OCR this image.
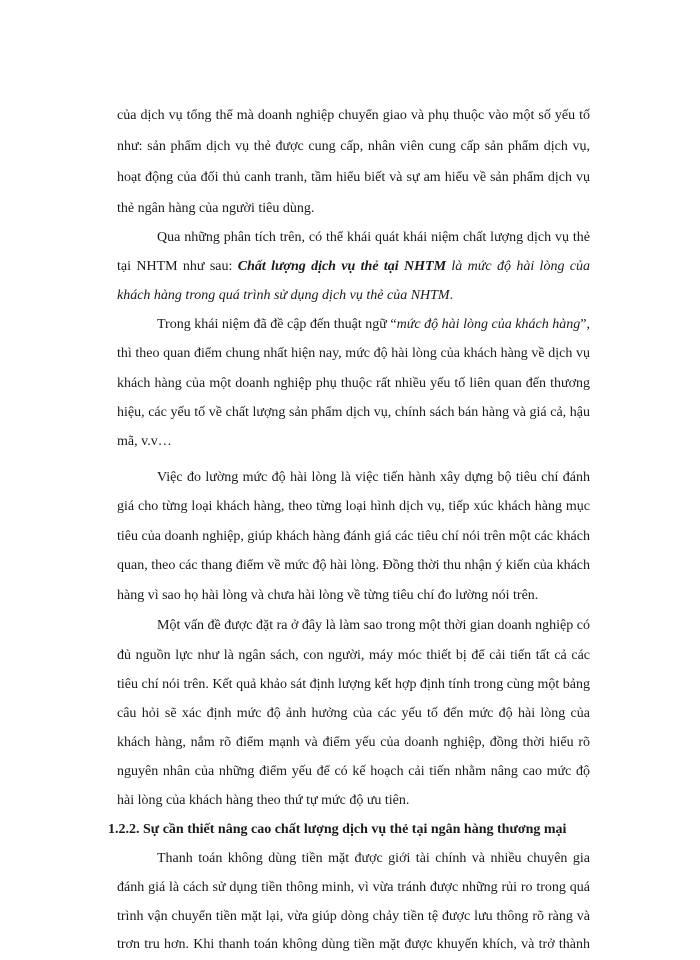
của dịch vụ tổng thể mà doanh nghiệp chuyển giao và phụ thuộc vào một số yếu tố
như: sản phẩm dịch vụ thẻ được cung cấp, nhân viên cung cấp sản phẩm dịch vụ,
hoạt động của đối thủ canh tranh, tầm hiểu biết và sự am hiểu về sản phẩm dịch vụ
thẻ ngân hàng của người tiêu dùng.
Qua những phân tích trên, có thể khái quát khái niệm chất lượng dịch vụ thẻ
tại NHTM như sau: Chất lượng dịch vụ thẻ tại NHTM là mức độ hài lòng của
khách hàng trong quá trình sử dụng dịch vụ thẻ của NHTM.
Trong khái niệm đã đề cập đến thuật ngữ “mức độ hài lòng của khách hàng”,
thì theo quan điểm chung nhất hiện nay, mức độ hài lòng của khách hàng về dịch vụ
khách hàng của một doanh nghiệp phụ thuộc rất nhiều yếu tố liên quan đến thương
hiệu, các yếu tố về chất lượng sản phẩm dịch vụ, chính sách bán hàng và giá cả, hậu
mã, v.v…
Việc đo lường mức độ hài lòng là việc tiến hành xây dựng bộ tiêu chí đánh
giá cho từng loại khách hàng, theo từng loại hình dịch vụ, tiếp xúc khách hàng mục
tiêu của doanh nghiệp, giúp khách hàng đánh giá các tiêu chí nói trên một các khách
quan, theo các thang điểm về mức độ hài lòng. Đồng thời thu nhận ý kiến của khách
hàng vì sao họ hài lòng và chưa hài lòng về từng tiêu chí đo lường nói trên.
Một vấn đề được đặt ra ở đây là làm sao trong một thời gian doanh nghiệp có
đủ nguồn lực như là ngân sách, con người, máy móc thiết bị để cải tiến tất cả các
tiêu chí nói trên. Kết quả khảo sát định lượng kết hợp định tính trong cùng một bảng
câu hỏi sẽ xác định mức độ ảnh hưởng của các yếu tố đến mức độ hài lòng của
khách hàng, nắm rõ điểm mạnh và điểm yếu của doanh nghiệp, đồng thời hiểu rõ
nguyên nhân của những điểm yếu để có kế hoạch cải tiến nhằm nâng cao mức độ
hài lòng của khách hàng theo thứ tự mức độ ưu tiên.
1.2.2. Sự cần thiết nâng cao chất lượng dịch vụ thẻ tại ngân hàng thương mại
Thanh toán không dùng tiền mặt được giới tài chính và nhiều chuyên gia
đánh giá là cách sử dụng tiền thông minh, vì vừa tránh được những rủi ro trong quá
trình vận chuyển tiền mặt lại, vừa giúp dòng chảy tiền tệ được lưu thông rõ ràng và
trơn tru hơn. Khi thanh toán không dùng tiền mặt được khuyến khích, và trở thành
